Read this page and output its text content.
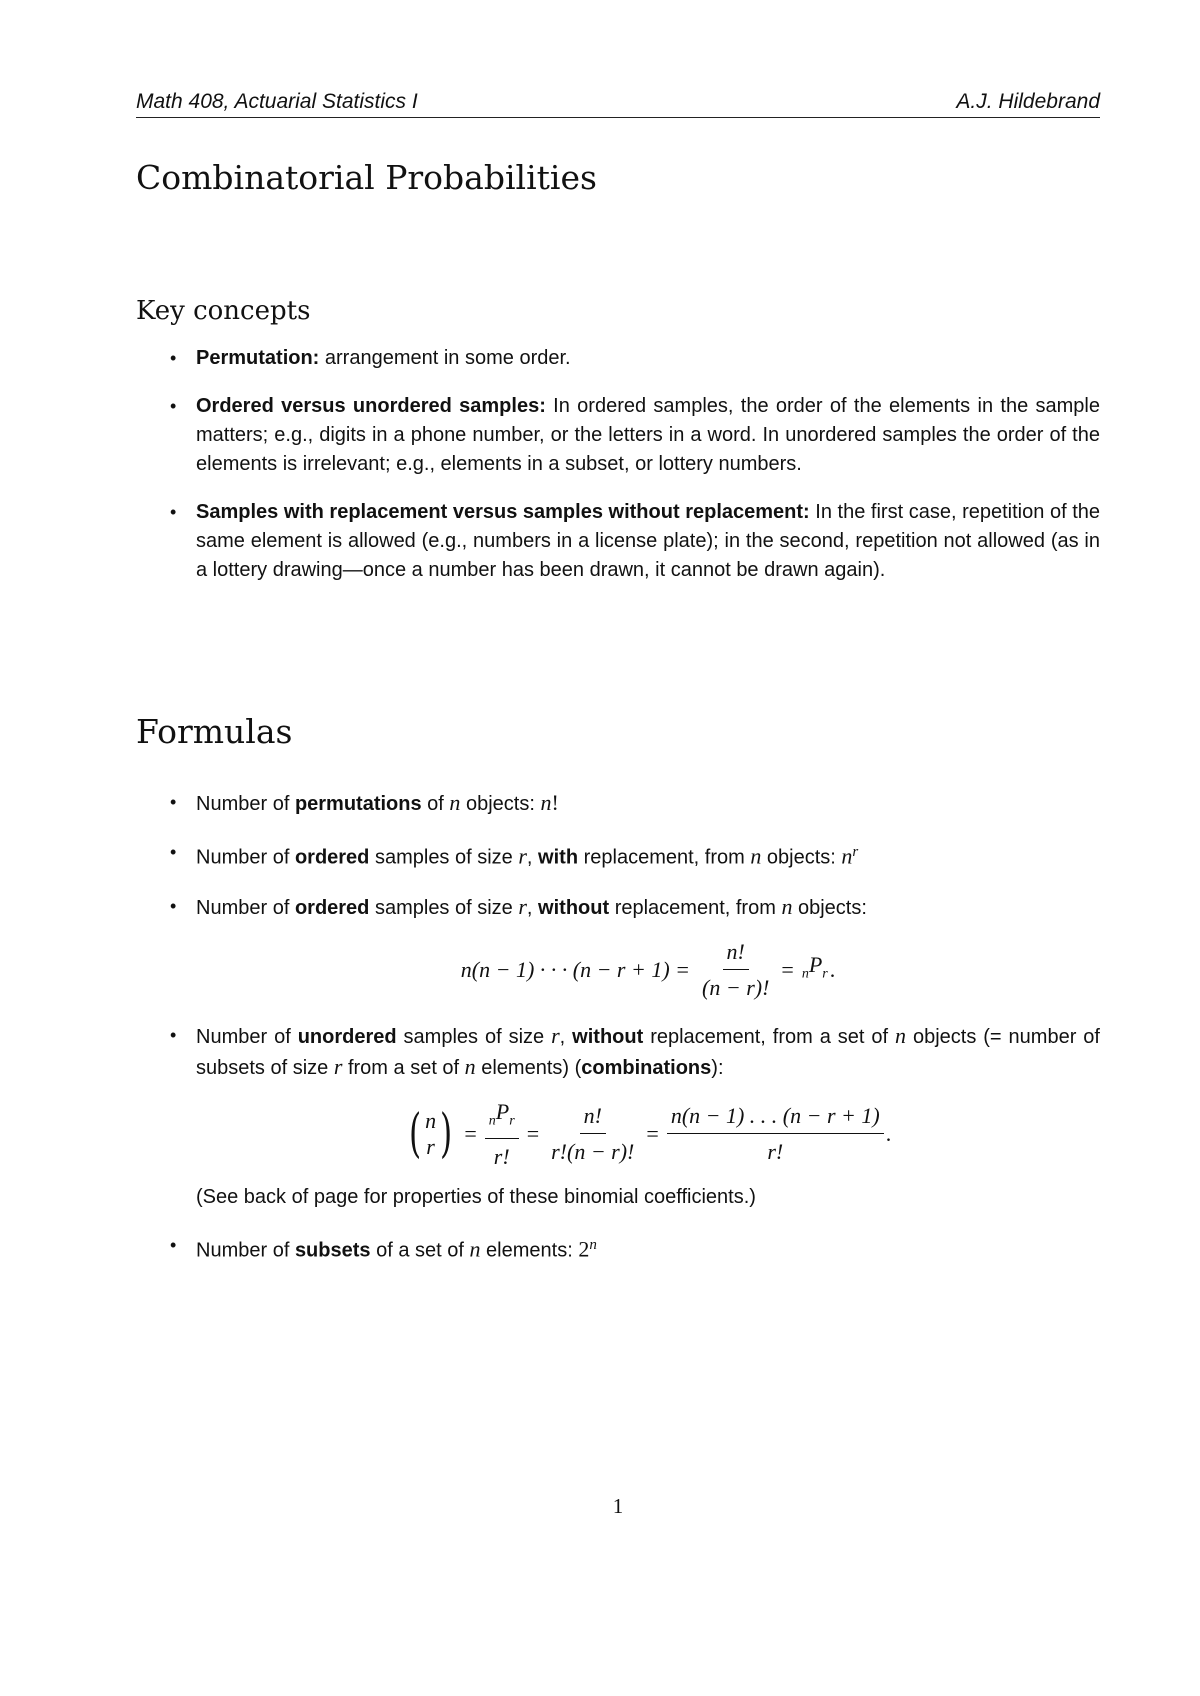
Math 408, Actuarial Statistics I	A.J. Hildebrand
Combinatorial Probabilities
Key concepts
• Permutation: arrangement in some order.
• Ordered versus unordered samples: In ordered samples, the order of the elements in the sample matters; e.g., digits in a phone number, or the letters in a word. In unordered samples the order of the elements is irrelevant; e.g., elements in a subset, or lottery numbers.
• Samples with replacement versus samples without replacement: In the first case, repetition of the same element is allowed (e.g., numbers in a license plate); in the second, repetition not allowed (as in a lottery drawing—once a number has been drawn, it cannot be drawn again).
Formulas
• Number of permutations of n objects: n!
• Number of ordered samples of size r, with replacement, from n objects: $n^r$
• Number of ordered samples of size r, without replacement, from n objects:
n(n − 1) · · · $(n - r + 1) = \frac{n!}{(n - r)!} = _nP_r$ .
• Number of unordered samples of size r, without replacement, from a set of n objects (= number of subsets of size r from a set of n elements) (combinations):
( n
r ) = $\frac{_nP_r}{r!} = \frac{n!}{r!(n - r)!} = \frac{n(n - 1) . . . (n - r + 1)}{r!}$ .
(See back of page for properties of these binomial coefficients.)
• Number of subsets of a set of n elements: 2$^n$
1
